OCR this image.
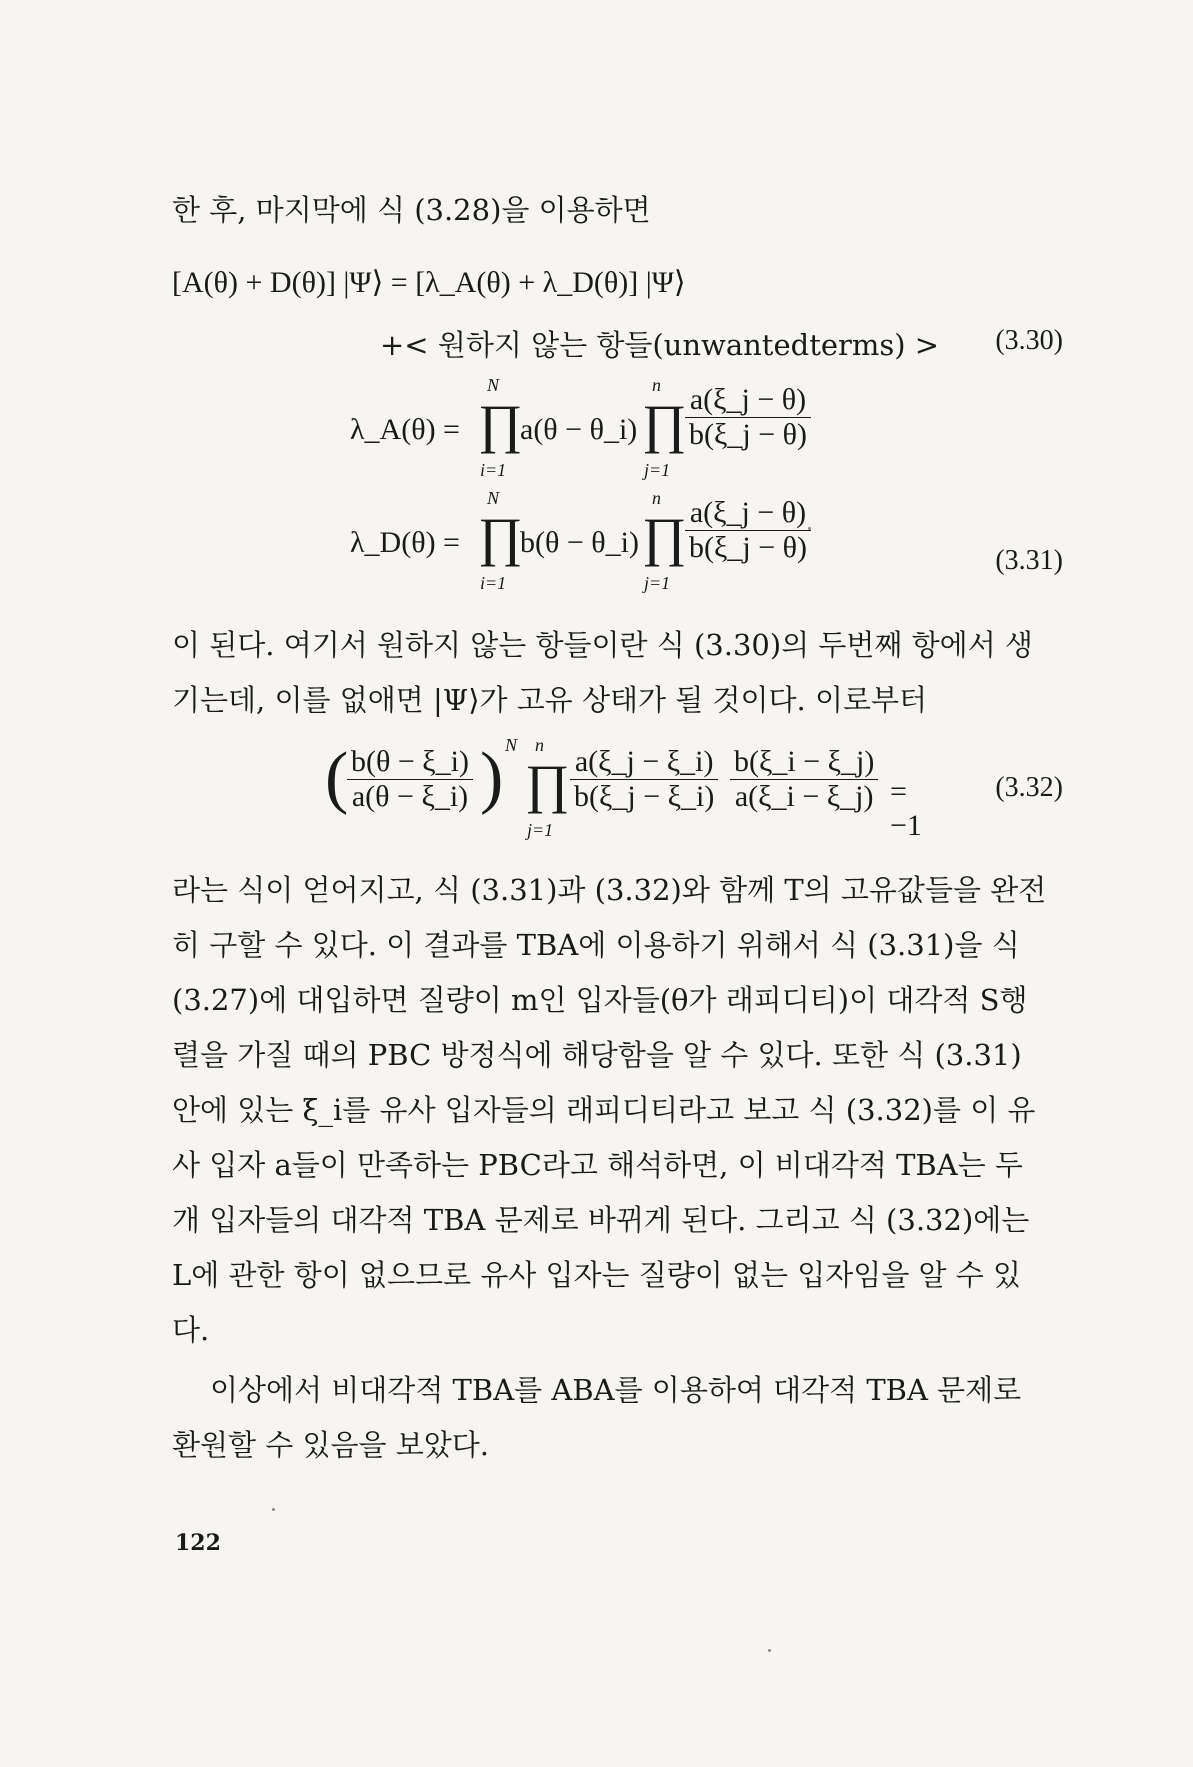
한 후, 마지막에 식 (3.28)을 이용하면
[A(θ) + D(θ)] |Ψ⟩ = [λ_A(θ) + λ_D(θ)] |Ψ⟩
+< 원하지 않는 항들(unwantedterms) > (3.30)
λ_A(θ) =
N
∏
i=1
a(θ − θ_i)
n
∏
j=1
$\frac{a(\xi\_j - \theta)}{b(\xi\_j - \theta)}$
λ_D(θ) =
N
∏
i=1
b(θ − θ_i)
n
∏
j=1
$\frac{a(\xi\_j - \theta)}{b(\xi\_j - \theta)}$	(3.31)
이 된다. 여기서 원하지 않는 항들이란 식 (3.30)의 두번째 항에서 생
기는데, 이를 없애면 |Ψ⟩가 고유 상태가 될 것이다. 이로부터
(
$\frac{b(\theta - \xi\_i)}{a(\theta - \xi\_i)}$ ) N n
∏
j=1
$\frac{a(\xi\_j - \xi\_i)}{b(\xi\_j - \xi\_i)} \frac{b(\xi\_i - \xi\_j)}{a(\xi\_i - \xi\_j)} = -1$
(3.32)
라는 식이 얻어지고, 식 (3.31)과 (3.32)와 함께 T의 고유값들을 완전
히 구할 수 있다. 이 결과를 TBA에 이용하기 위해서 식 (3.31)을 식
(3.27)에 대입하면 질량이 m인 입자들(θ가 래피디티)이 대각적 S행
렬을 가질 때의 PBC 방정식에 해당함을 알 수 있다. 또한 식 (3.31)
안에 있는 ξ_i를 유사 입자들의 래피디티라고 보고 식 (3.32)를 이 유
사 입자 a들이 만족하는 PBC라고 해석하면, 이 비대각적 TBA는 두
개 입자들의 대각적 TBA 문제로 바뀌게 된다. 그리고 식 (3.32)에는
L에 관한 항이 없으므로 유사 입자는 질량이 없는 입자임을 알 수 있
다.
이상에서 비대각적 TBA를 ABA를 이용하여 대각적 TBA 문제로
환원할 수 있음을 보았다.
122
